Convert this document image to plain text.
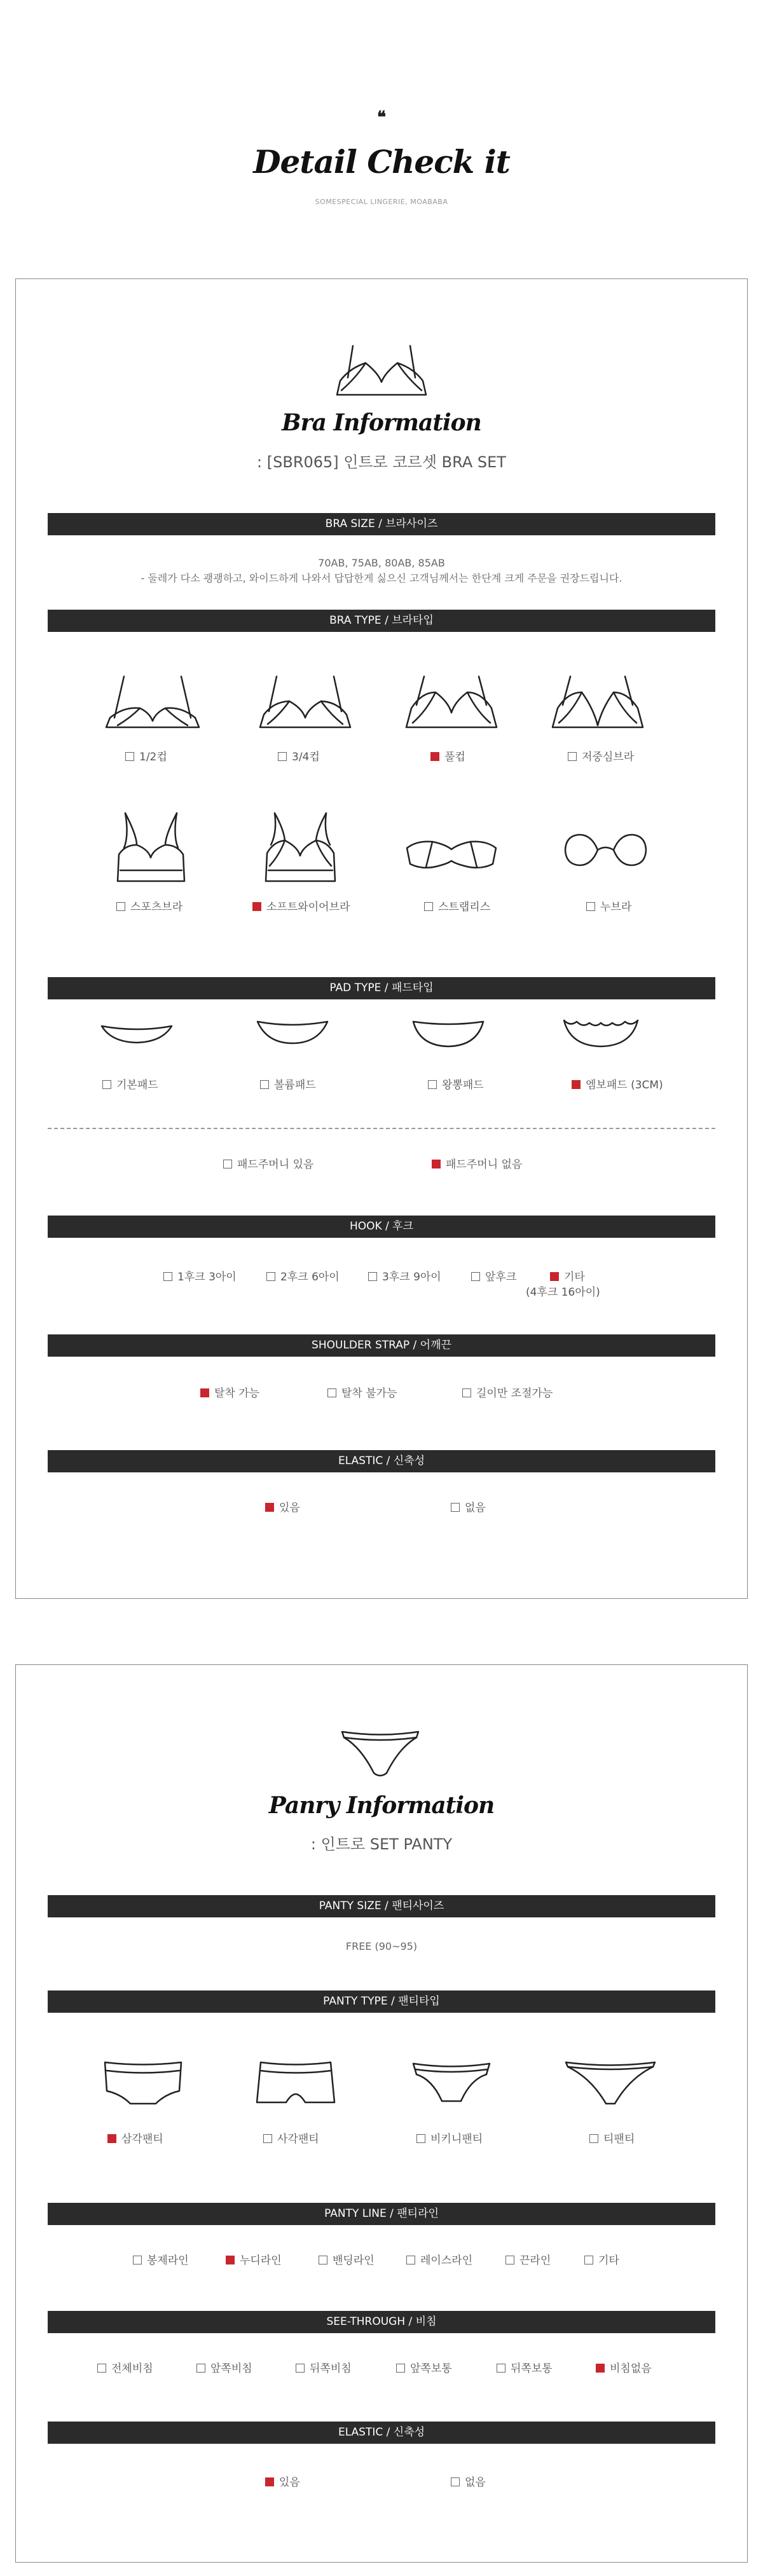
❝
Detail Check it
SOMESPECIAL LINGERIE, MOABABA
Bra Information
: [SBR065] 인트로 코르셋 BRA SET
BRA SIZE / 브라사이즈
70AB, 75AB, 80AB, 85AB
- 둘레가 다소 괭괭하고, 와이드하게 나와서 답답한게 싫으신 고객님께서는 한단계 크게 주문을 권장드립니다.
BRA TYPE / 브라타입
1/2컵	3/4컵	풀컵	저중심브라
스포츠브라	소프트와이어브라	스트랩리스	누브라
PAD TYPE / 패드타입
기본패드	볼륨패드	왕뽕패드	엠보패드 (3CM)
패드주머니 있음	패드주머니 없음
HOOK / 후크
1후크 3아이	2후크 6아이	3후크 9아이	앞후크	기타
(4후크 16아이)
SHOULDER STRAP / 어깨끈
탈착 가능	탈착 불가능	길이만 조절가능
ELASTIC / 신축성
있음	없음
Panry Information
: 인트로 SET PANTY
PANTY SIZE / 팬티사이즈
FREE (90~95)
PANTY TYPE / 팬티타입
삼각팬티	사각팬티	비키니팬티	티팬티
PANTY LINE / 팬티라인
봉제라인	누디라인	밴딩라인	레이스라인	끈라인	기타
SEE-THROUGH / 비침
전체비침	앞쪽비침	뒤쪽비침	앞쪽보통	뒤쪽보통	비침없음
ELASTIC / 신축성
있음	없음
